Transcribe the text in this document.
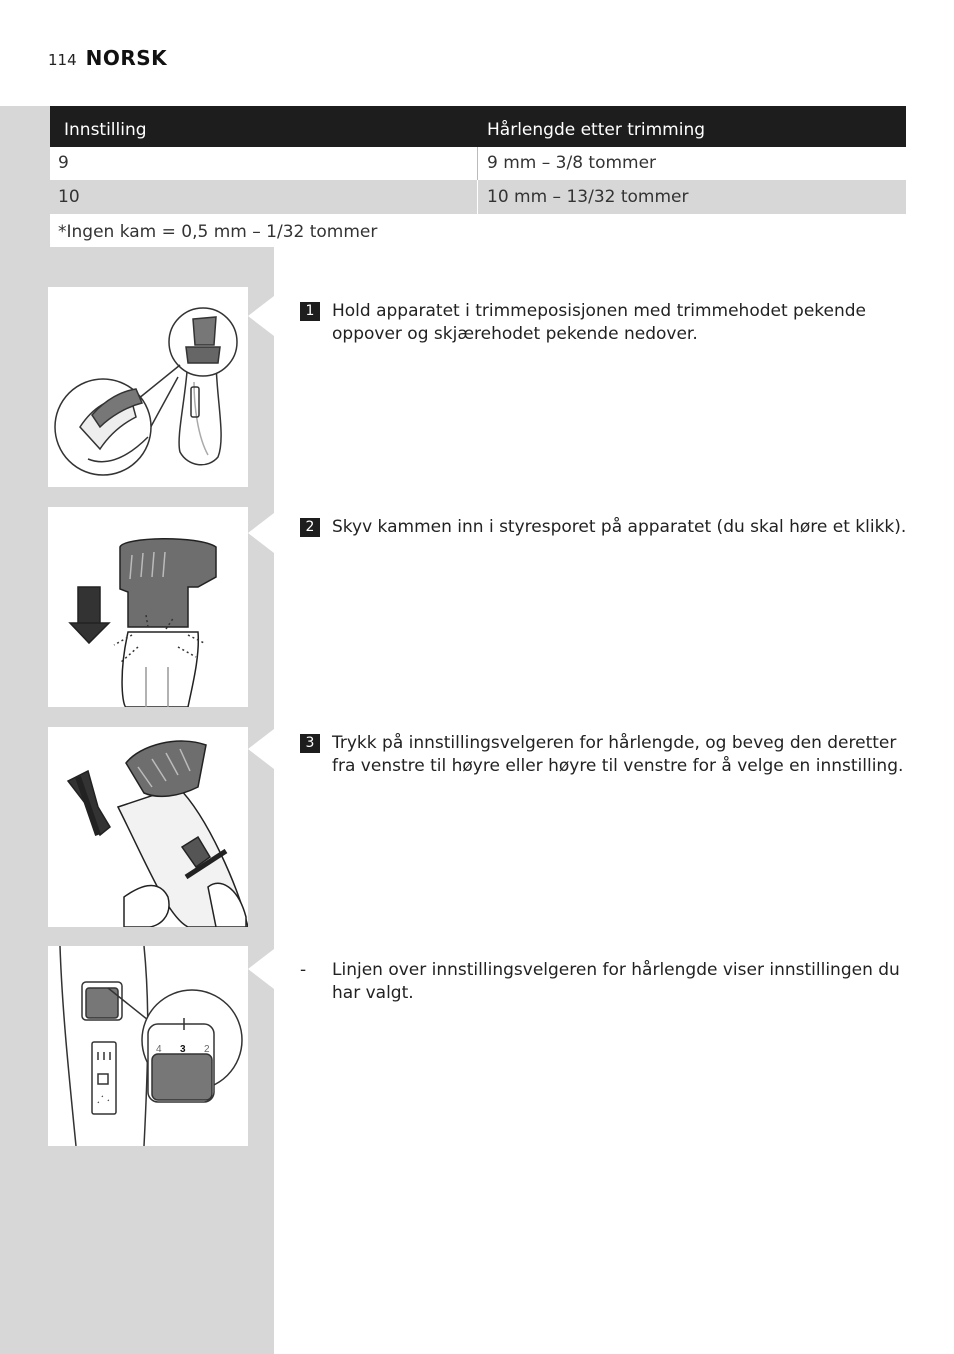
114 NORSK
Innstilling	Hårlengde etter trimming
9	9 mm – 3/8 tommer
10	10 mm – 13/32 tommer
*Ingen kam = 0,5 mm – 1/32 tommer
4 3 2
1	Hold apparatet i trimmeposisjonen med trimmehodet pekende oppover og skjærehodet pekende nedover.
2	Skyv kammen inn i styresporet på apparatet (du skal høre et klikk).
3	Trykk på innstillingsvelgeren for hårlengde, og beveg den deretter fra venstre til høyre eller høyre til venstre for å velge en innstilling.
-	Linjen over innstillingsvelgeren for hårlengde viser innstillingen du har valgt.
